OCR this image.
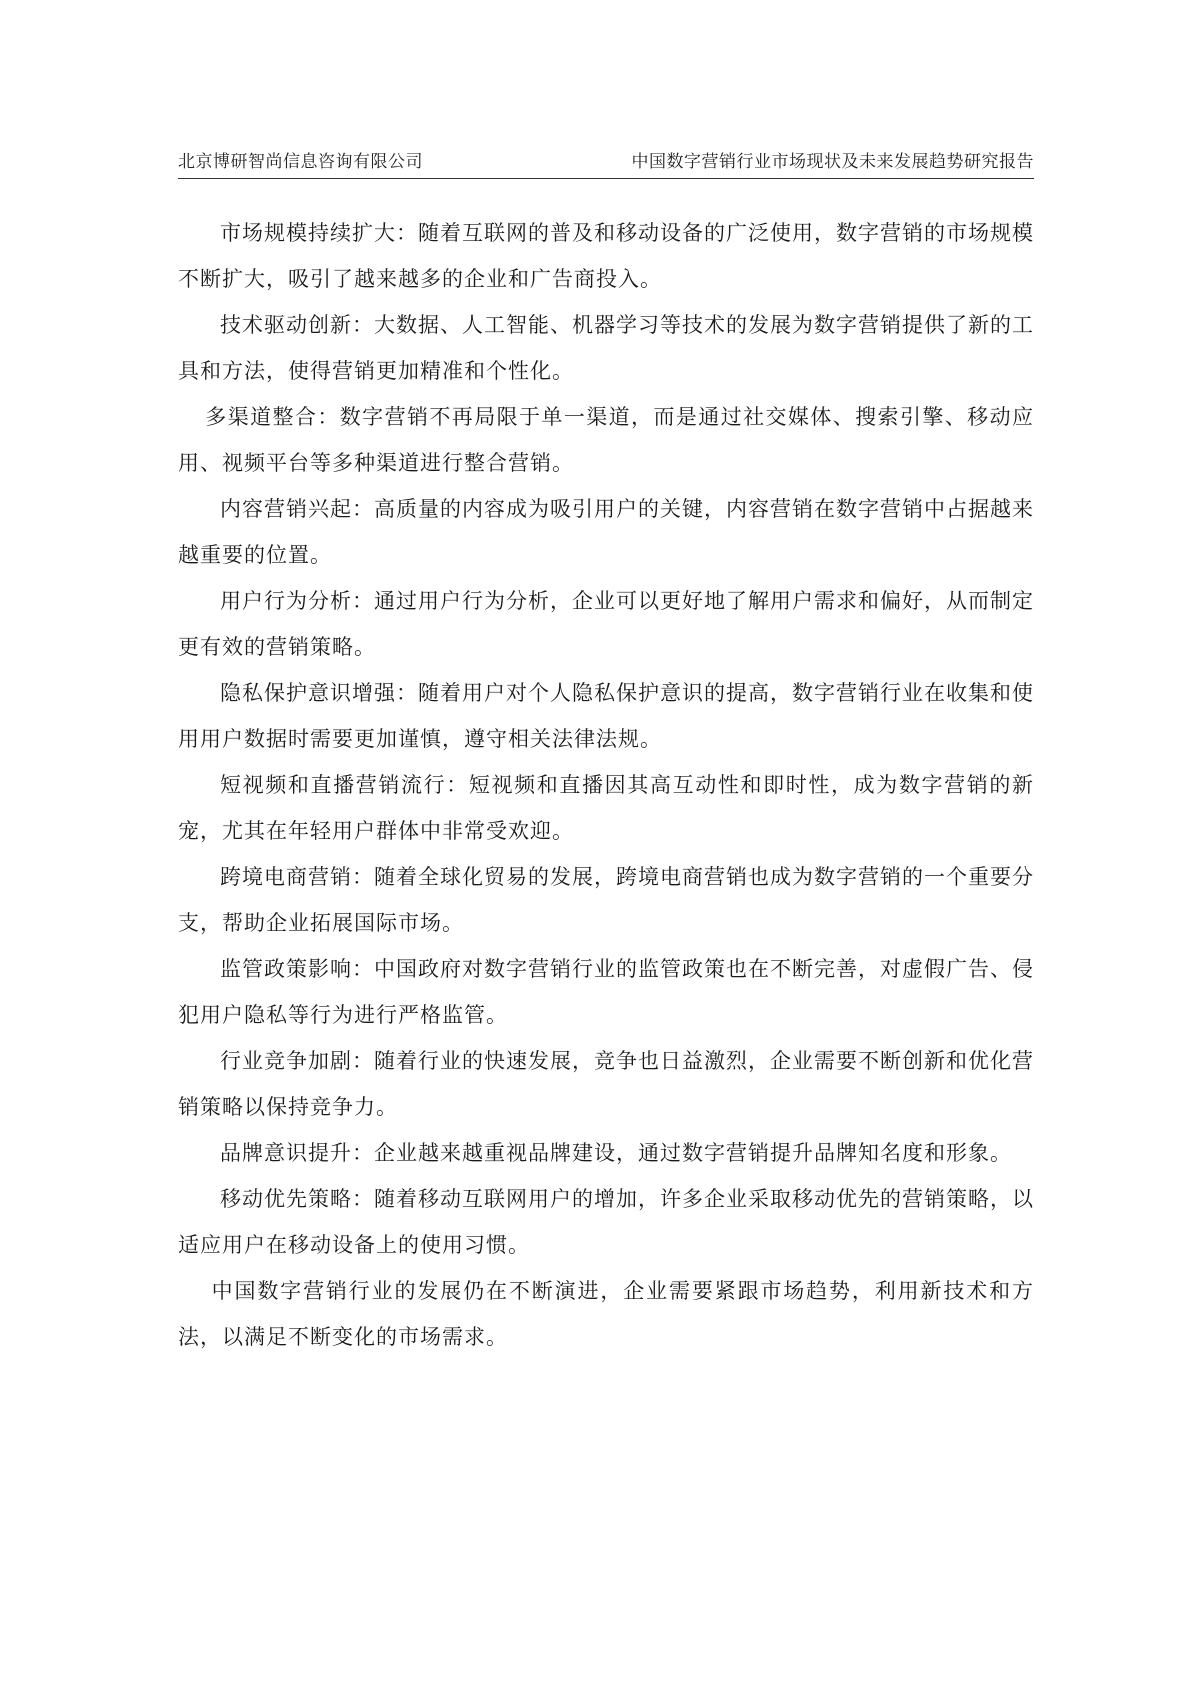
北京博研智尚信息咨询有限公司	中国数字营销行业市场现状及未来发展趋势研究报告

市场规模持续扩大：随着互联网的普及和移动设备的广泛使用，数字营销的市场规模不断扩大，吸引了越来越多的企业和广告商投入。

技术驱动创新：大数据、人工智能、机器学习等技术的发展为数字营销提供了新的工具和方法，使得营销更加精准和个性化。

多渠道整合：数字营销不再局限于单一渠道，而是通过社交媒体、搜索引擎、移动应用、视频平台等多种渠道进行整合营销。

内容营销兴起：高质量的内容成为吸引用户的关键，内容营销在数字营销中占据越来越重要的位置。

用户行为分析：通过用户行为分析，企业可以更好地了解用户需求和偏好，从而制定更有效的营销策略。

隐私保护意识增强：随着用户对个人隐私保护意识的提高，数字营销行业在收集和使用用户数据时需要更加谨慎，遵守相关法律法规。

短视频和直播营销流行：短视频和直播因其高互动性和即时性，成为数字营销的新宠，尤其在年轻用户群体中非常受欢迎。

跨境电商营销：随着全球化贸易的发展，跨境电商营销也成为数字营销的一个重要分支，帮助企业拓展国际市场。

监管政策影响：中国政府对数字营销行业的监管政策也在不断完善，对虚假广告、侵犯用户隐私等行为进行严格监管。

行业竞争加剧：随着行业的快速发展，竞争也日益激烈，企业需要不断创新和优化营销策略以保持竞争力。

品牌意识提升：企业越来越重视品牌建设，通过数字营销提升品牌知名度和形象。

移动优先策略：随着移动互联网用户的增加，许多企业采取移动优先的营销策略，以适应用户在移动设备上的使用习惯。

中国数字营销行业的发展仍在不断演进，企业需要紧跟市场趋势，利用新技术和方法，以满足不断变化的市场需求。
